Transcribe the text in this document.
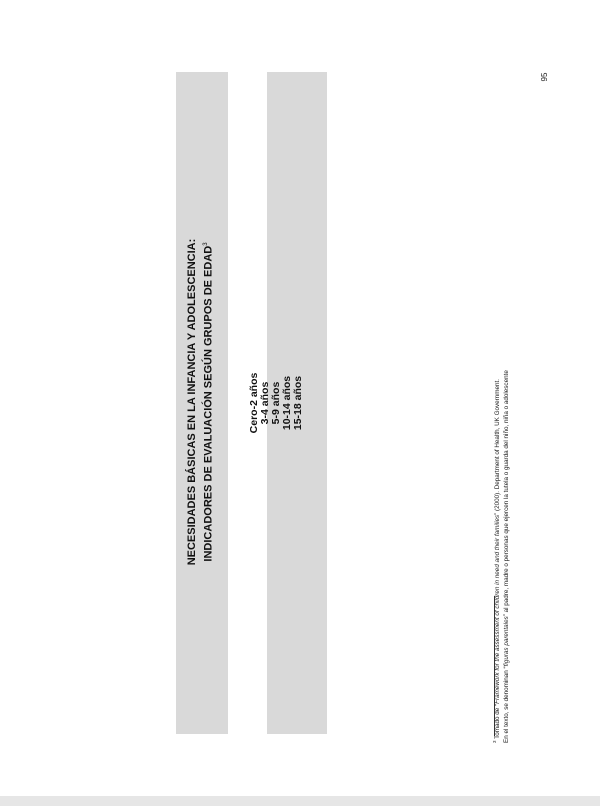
NECESIDADES BÁSICAS EN LA INFANCIA Y ADOLESCENCIA: INDICADORES DE EVALUACIÓN SEGÚN GRUPOS DE EDAD$^3$
Cero-2 años 3-4 años 5-9 años 10-14 años 15-18 años
$^3$ Tomado de “Framework for the assessment of children in need and their families” (2000). Department of Health, UK Government.
En el texto, se denominan “figuras parentales” al padre, madre o personas que ejercen la tutela o guarda del niño, niña o adolescente
95
